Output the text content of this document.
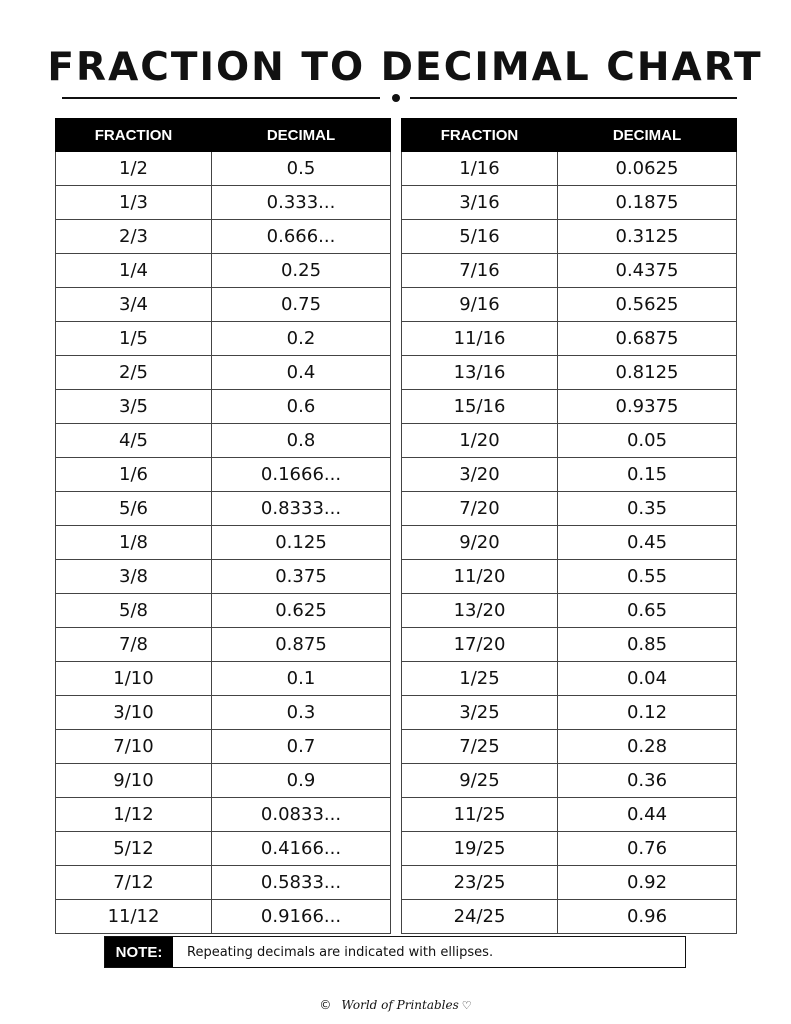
FRACTION TO DECIMAL CHART
FRACTION	DECIMAL
1/2	0.5
1/3	0.333...
2/3	0.666...
1/4	0.25
3/4	0.75
1/5	0.2
2/5	0.4
3/5	0.6
4/5	0.8
1/6	0.1666...
5/6	0.8333...
1/8	0.125
3/8	0.375
5/8	0.625
7/8	0.875
1/10	0.1
3/10	0.3
7/10	0.7
9/10	0.9
1/12	0.0833...
5/12	0.4166...
7/12	0.5833...
11/12	0.9166...
FRACTION	DECIMAL
1/16	0.0625
3/16	0.1875
5/16	0.3125
7/16	0.4375
9/16	0.5625
11/16	0.6875
13/16	0.8125
15/16	0.9375
1/20	0.05
3/20	0.15
7/20	0.35
9/20	0.45
11/20	0.55
13/20	0.65
17/20	0.85
1/25	0.04
3/25	0.12
7/25	0.28
9/25	0.36
11/25	0.44
19/25	0.76
23/25	0.92
24/25	0.96
NOTE:	Repeating decimals are indicated with ellipses.
© World of Printables ♡
